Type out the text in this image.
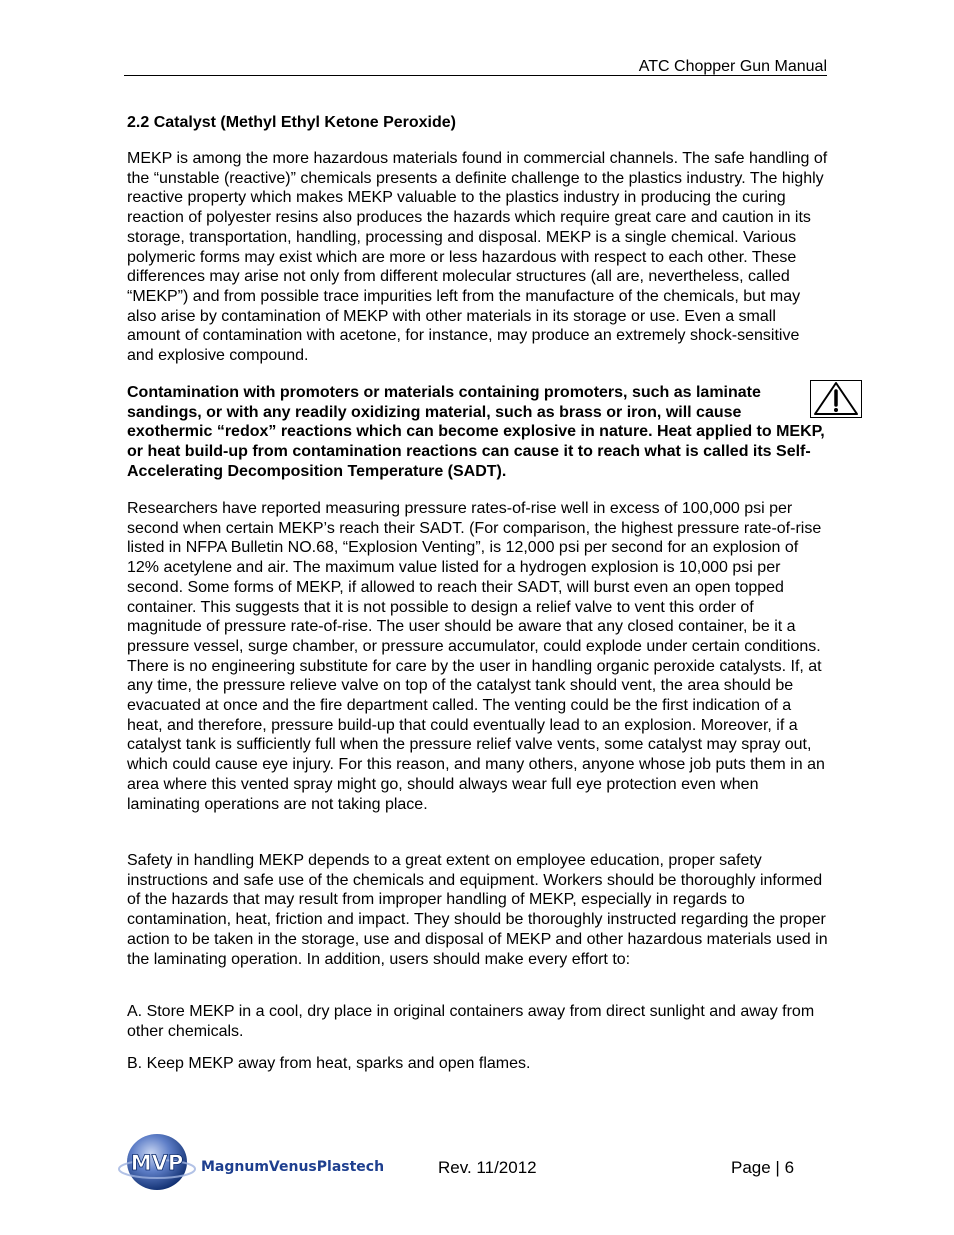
ATC Chopper Gun Manual
2.2 Catalyst (Methyl Ethyl Ketone Peroxide)

MEKP is among the more hazardous materials found in commercial channels. The safe handling of the “unstable (reactive)” chemicals presents a definite challenge to the plastics industry. The highly reactive property which makes MEKP valuable to the plastics industry in producing the curing reaction of polyester resins also produces the hazards which require great care and caution in its storage, transportation, handling, processing and disposal. MEKP is a single chemical. Various polymeric forms may exist which are more or less hazardous with respect to each other. These differences may arise not only from different molecular structures (all are, nevertheless, called “MEKP”) and from possible trace impurities left from the manufacture of the chemicals, but may also arise by contamination of MEKP with other materials in its storage or use. Even a small amount of contamination with acetone, for instance, may produce an extremely shock-sensitive and explosive compound.

Contamination with promoters or materials containing promoters, such as laminate sandings, or with any readily oxidizing material, such as brass or iron, will cause exothermic “redox” reactions which can become explosive in nature. Heat applied to MEKP, or heat build-up from contamination reactions can cause it to reach what is called its Self-Accelerating Decomposition Temperature (SADT).

Researchers have reported measuring pressure rates-of-rise well in excess of 100,000 psi per second when certain MEKP’s reach their SADT. (For comparison, the highest pressure rate-of-rise listed in NFPA Bulletin NO.68, “Explosion Venting”, is 12,000 psi per second for an explosion of 12% acetylene and air. The maximum value listed for a hydrogen explosion is 10,000 psi per second. Some forms of MEKP, if allowed to reach their SADT, will burst even an open topped container. This suggests that it is not possible to design a relief valve to vent this order of magnitude of pressure rate-of-rise. The user should be aware that any closed container, be it a pressure vessel, surge chamber, or pressure accumulator, could explode under certain conditions. There is no engineering substitute for care by the user in handling organic peroxide catalysts. If, at any time, the pressure relieve valve on top of the catalyst tank should vent, the area should be evacuated at once and the fire department called. The venting could be the first indication of a heat, and therefore, pressure build-up that could eventually lead to an explosion. Moreover, if a catalyst tank is sufficiently full when the pressure relief valve vents, some catalyst may spray out, which could cause eye injury. For this reason, and many others, anyone whose job puts them in an area where this vented spray might go, should always wear full eye protection even when laminating operations are not taking place.

Safety in handling MEKP depends to a great extent on employee education, proper safety instructions and safe use of the chemicals and equipment. Workers should be thoroughly informed of the hazards that may result from improper handling of MEKP, especially in regards to contamination, heat, friction and impact. They should be thoroughly instructed regarding the proper action to be taken in the storage, use and disposal of MEKP and other hazardous materials used in the laminating operation. In addition, users should make every effort to:

A. Store MEKP in a cool, dry place in original containers away from direct sunlight and away from other chemicals.

B. Keep MEKP away from heat, sparks and open flames.

MVP MagnumVenusPlastech	Rev. 11/2012	Page | 6
